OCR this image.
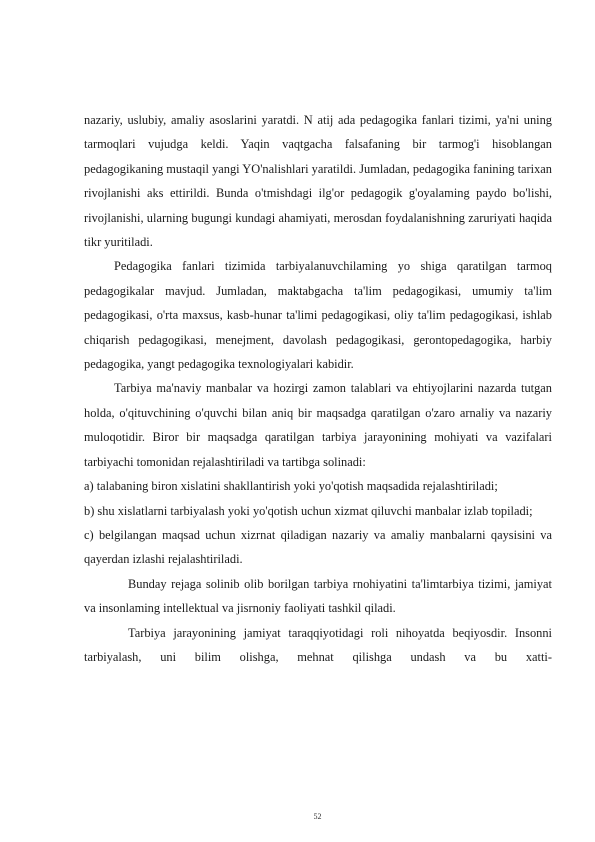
nazariy, uslubiy, amaliy asoslarini yaratdi. N atij ada pedagogika fanlari tizimi, ya'ni uning tarmoqlari vujudga keldi. Yaqin vaqtgacha falsafaning bir tarmog'i hisoblangan pedagogikaning mustaqil yangi YO'nalishlari yaratildi. Jumladan, pedagogika fanining tarixan rivojlanishi aks ettirildi. Bunda o'tmishdagi ilg'or pedagogik g'oyalaming paydo bo'lishi, rivojlanishi, ularning bugungi kundagi ahamiyati, merosdan foydalanishning zaruriyati haqida tikr yuritiladi.

Pedagogika fanlari tizimida tarbiyalanuvchilaming yo shiga qaratilgan tarmoq pedagogikalar mavjud. Jumladan, maktabgacha ta'lim pedagogikasi, umumiy ta'lim pedagogikasi, o'rta maxsus, kasb-hunar ta'limi pedagogikasi, oliy ta'lim pedagogikasi, ishlab chiqarish pedagogikasi, menejment, davolash pedagogikasi, gerontopedagogika, harbiy pedagogika, yangt pedagogika texnologiyalari kabidir.

Tarbiya ma'naviy manbalar va hozirgi zamon talablari va ehtiyojlarini nazarda tutgan holda, o'qituvchining o'quvchi bilan aniq bir maqsadga qaratilgan o'zaro arnaliy va nazariy muloqotidir. Biror bir maqsadga qaratilgan tarbiya jarayonining mohiyati va vazifalari tarbiyachi tomonidan rejalashtiriladi va tartibga solinadi:

a) talabaning biron xislatini shakllantirish yoki yo'qotish maqsadida rejalashtiriladi;

b) shu xislatlarni tarbiyalash yoki yo'qotish uchun xizmat qiluvchi manbalar izlab topiladi;

c) belgilangan maqsad uchun xizrnat qiladigan nazariy va amaliy manbalarni qaysisini va qayerdan izlashi rejalashtiriladi.

Bunday rejaga solinib olib borilgan tarbiya rnohiyatini ta'limtarbiya tizimi, jamiyat va insonlaming intellektual va jisrnoniy faoliyati tashkil qiladi.

Tarbiya jarayonining jamiyat taraqqiyotidagi roli nihoyatda beqiyosdir. Insonni tarbiyalash, uni bilim olishga, mehnat qilishga undash va bu xatti-

52
